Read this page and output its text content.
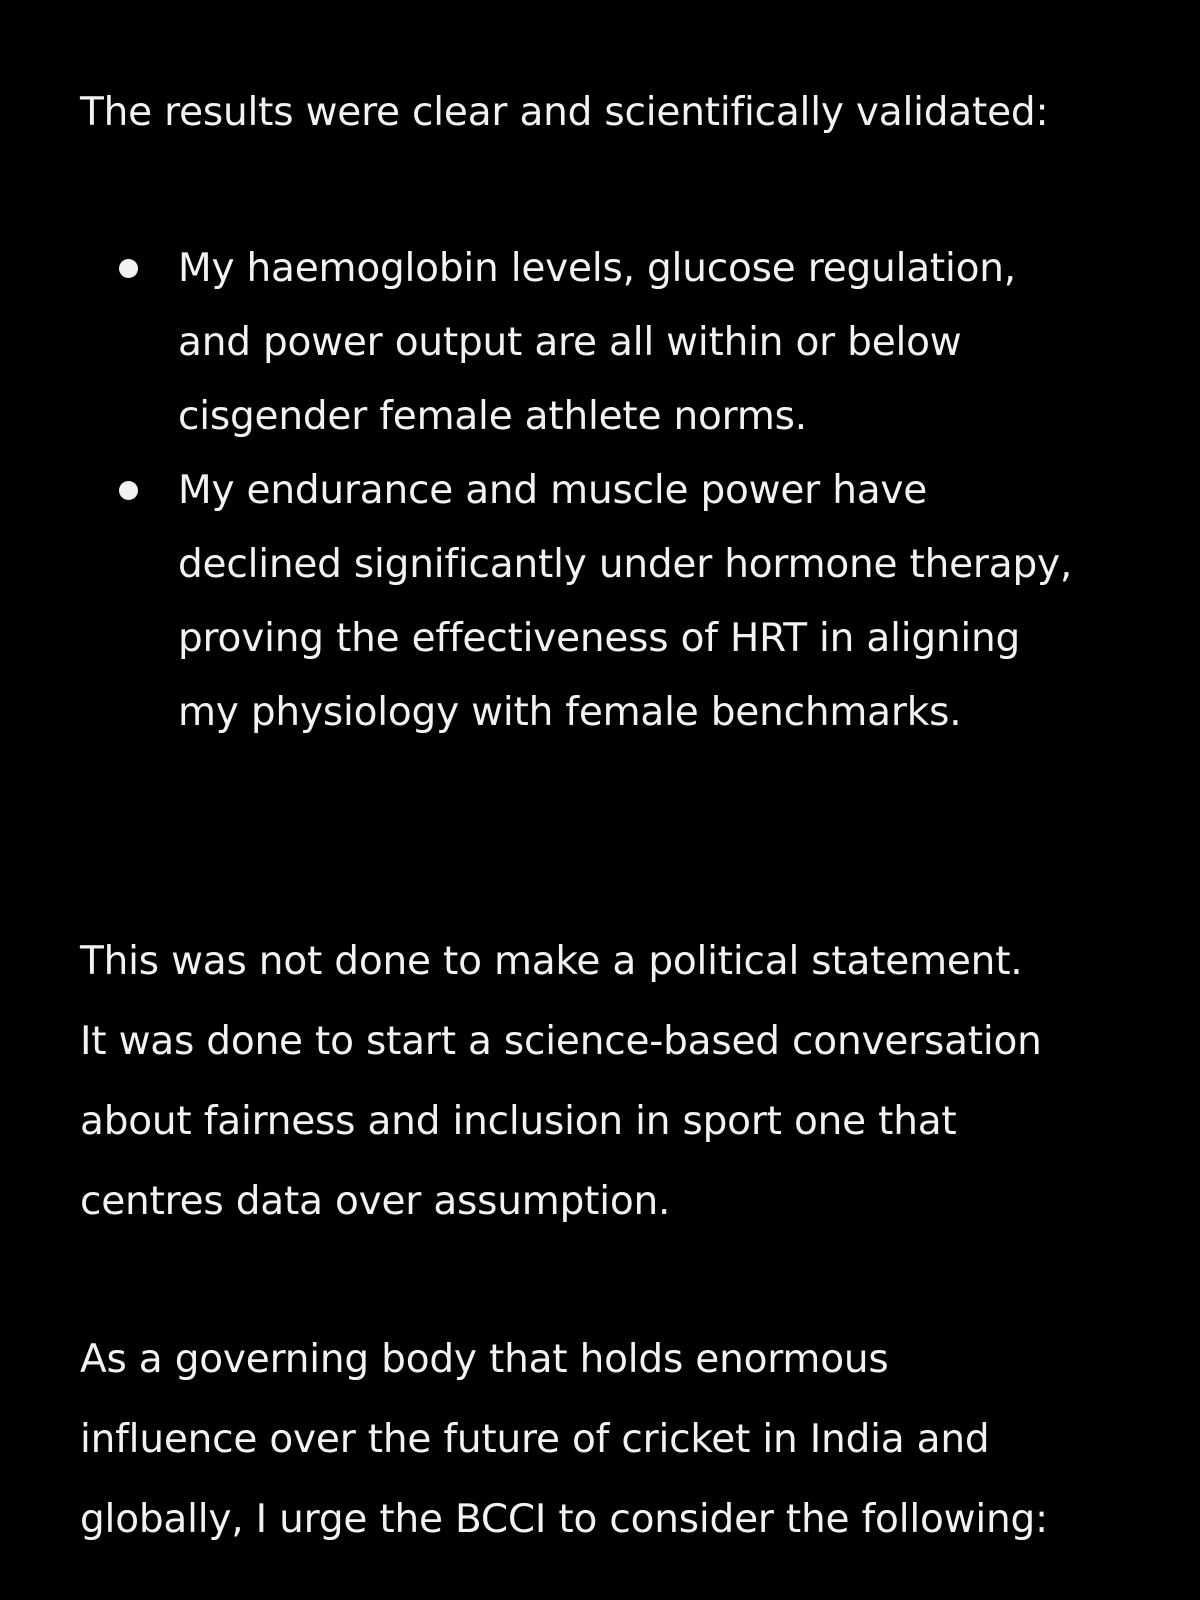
The results were clear and scientifically validated:

My haemoglobin levels, glucose regulation,
and power output are all within or below
cisgender female athlete norms.
My endurance and muscle power have
declined significantly under hormone therapy,
proving the effectiveness of HRT in aligning
my physiology with female benchmarks.

This was not done to make a political statement.
It was done to start a science-based conversation
about fairness and inclusion in sport one that
centres data over assumption.

As a governing body that holds enormous
influence over the future of cricket in India and
globally, I urge the BCCI to consider the following:
